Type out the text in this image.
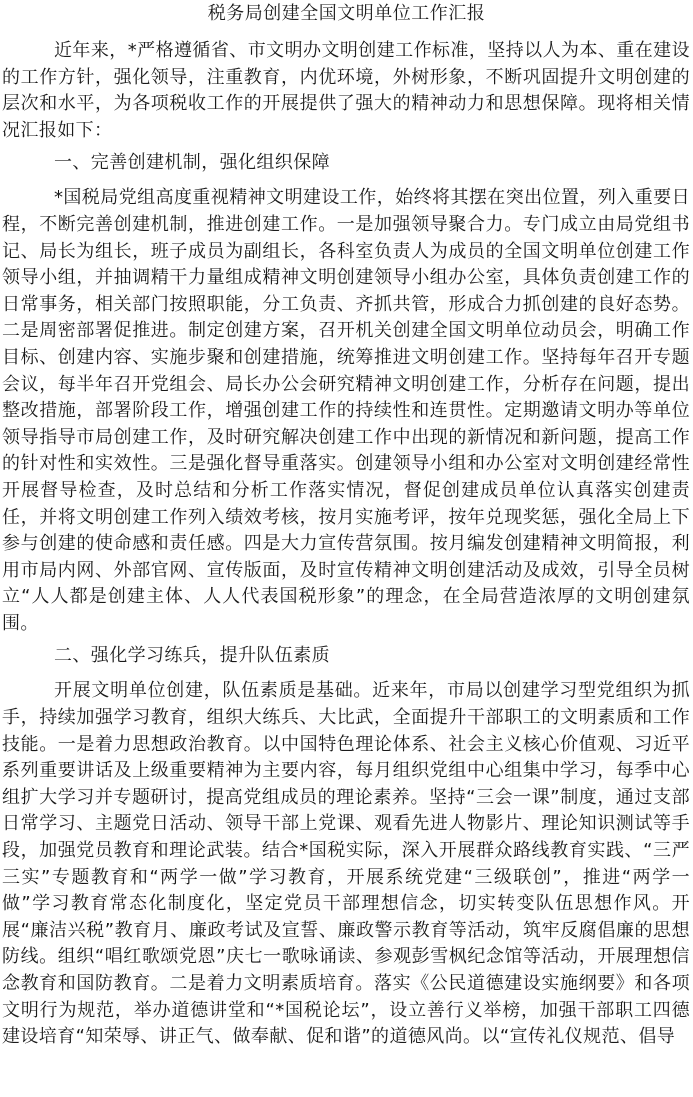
税务局创建全国文明单位工作汇报

近年来，*严格遵循省、市文明办文明创建工作标准，坚持以人为本、重在建设的工作方针，强化领导，注重教育，内优环境，外树形象，不断巩固提升文明创建的层次和水平，为各项税收工作的开展提供了强大的精神动力和思想保障。现将相关情况汇报如下：

一、完善创建机制，强化组织保障

*国税局党组高度重视精神文明建设工作，始终将其摆在突出位置，列入重要日程，不断完善创建机制，推进创建工作。一是加强领导聚合力。专门成立由局党组书记、局长为组长，班子成员为副组长，各科室负责人为成员的全国文明单位创建工作领导小组，并抽调精干力量组成精神文明创建领导小组办公室，具体负责创建工作的日常事务，相关部门按照职能，分工负责、齐抓共管，形成合力抓创建的良好态势。二是周密部署促推进。制定创建方案，召开机关创建全国文明单位动员会，明确工作目标、创建内容、实施步聚和创建措施，统筹推进文明创建工作。坚持每年召开专题会议，每半年召开党组会、局长办公会研究精神文明创建工作，分析存在问题，提出整改措施，部署阶段工作，增强创建工作的持续性和连贯性。定期邀请文明办等单位领导指导市局创建工作，及时研究解决创建工作中出现的新情况和新问题，提高工作的针对性和实效性。三是强化督导重落实。创建领导小组和办公室对文明创建经常性开展督导检查，及时总结和分析工作落实情况，督促创建成员单位认真落实创建责任，并将文明创建工作列入绩效考核，按月实施考评，按年兑现奖惩，强化全局上下参与创建的使命感和责任感。四是大力宣传营氛围。按月编发创建精神文明简报，利用市局内网、外部官网、宣传版面，及时宣传精神文明创建活动及成效，引导全员树立“人人都是创建主体、人人代表国税形象”的理念，在全局营造浓厚的文明创建氛围。

二、强化学习练兵，提升队伍素质

开展文明单位创建，队伍素质是基础。近来年，市局以创建学习型党组织为抓手，持续加强学习教育，组织大练兵、大比武，全面提升干部职工的文明素质和工作技能。一是着力思想政治教育。以中国特色理论体系、社会主义核心价值观、习近平系列重要讲话及上级重要精神为主要内容，每月组织党组中心组集中学习，每季中心组扩大学习并专题研讨，提高党组成员的理论素养。坚持“三会一课”制度，通过支部日常学习、主题党日活动、领导干部上党课、观看先进人物影片、理论知识测试等手段，加强党员教育和理论武装。结合*国税实际，深入开展群众路线教育实践、“三严三实”专题教育和“两学一做”学习教育，开展系统党建“三级联创”，推进“两学一做”学习教育常态化制度化，坚定党员干部理想信念，切实转变队伍思想作风。开展“廉洁兴税”教育月、廉政考试及宣誓、廉政警示教育等活动，筑牢反腐倡廉的思想防线。组织“唱红歌颂党恩”庆七一歌咏诵读、参观彭雪枫纪念馆等活动，开展理想信念教育和国防教育。二是着力文明素质培育。落实《公民道德建设实施纲要》和各项文明行为规范，举办道德讲堂和“*国税论坛”，设立善行义举榜，加强干部职工四德建设培育“知荣辱、讲正气、做奉献、促和谐”的道德风尚。以“宣传礼仪规范、倡导
